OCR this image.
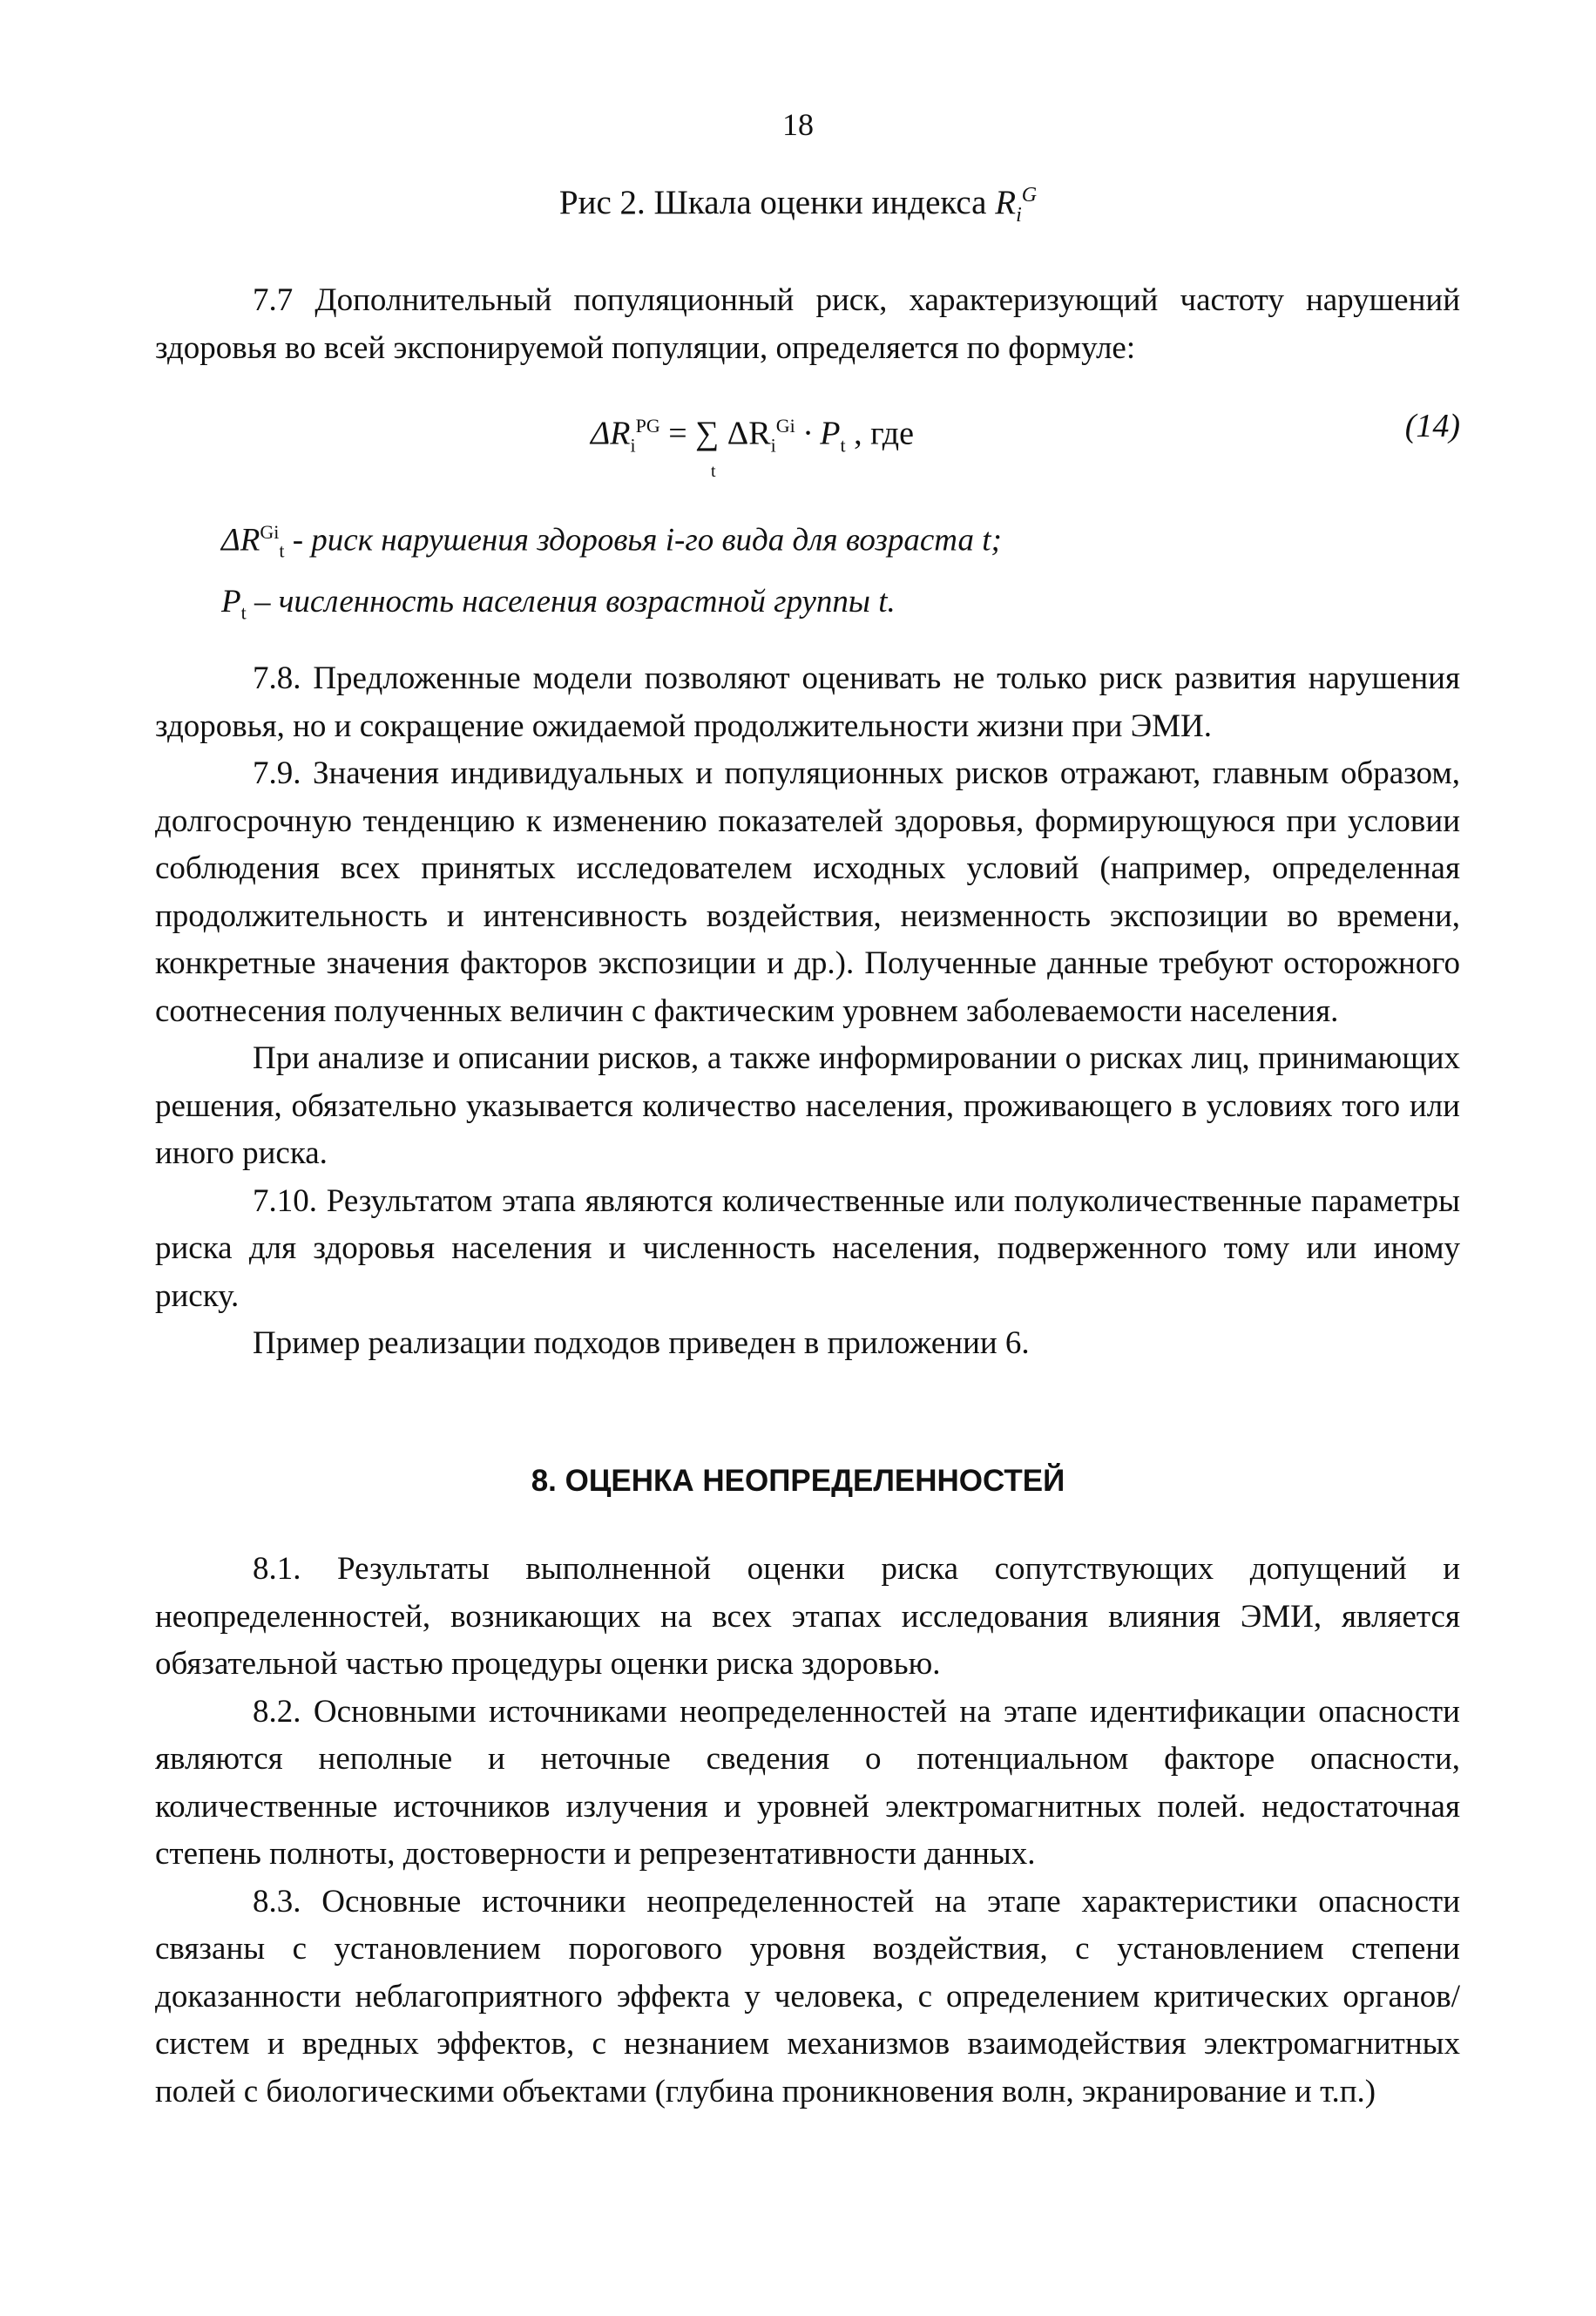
18
Рис 2. Шкала оценки индекса $R_i^G$

7.7 Дополнительный популяционный риск, характеризующий частоту нарушений здоровья во всей экспонируемой популяции, определяется по формуле:

$\Delta R_i^{PG}$ = ∑ $\Delta R_i^{Gi} \cdot P_t$ , где
t
(14)
$\Delta R^{Gi}_t$ - риск нарушения здоровья i-го вида для возраста t;
$P_t$ – численность населения возрастной группы t.

7.8. Предложенные модели позволяют оценивать не только риск развития нарушения здоровья, но и сокращение ожидаемой продолжительности жизни при ЭМИ.

7.9. Значения индивидуальных и популяционных рисков отражают, главным образом, долгосрочную тенденцию к изменению показателей здоровья, формирующуюся при условии соблюдения всех принятых исследователем исходных условий (например, определенная продолжительность и интенсивность воздействия, неизменность экспозиции во времени, конкретные значения факторов экспозиции и др.). Полученные данные требуют осторожного соотнесения полученных величин с фактическим уровнем заболеваемости населения.

При анализе и описании рисков, а также информировании о рисках лиц, принимающих решения, обязательно указывается количество населения, проживающего в условиях того или иного риска.

7.10. Результатом этапа являются количественные или полуколичественные параметры риска для здоровья населения и численность населения, подверженного тому или иному риску.

Пример реализации подходов приведен в приложении 6.

8.1. Результаты выполненной оценки риска сопутствующих допущений и неопределенностей, возникающих на всех этапах исследования влияния ЭМИ, является обязательной частью процедуры оценки риска здоровью.

8.2. Основными источниками неопределенностей на этапе идентификации опасности являются неполные и неточные сведения о потенциальном факторе опасности, количественные источников излучения и уровней электромагнитных полей. недостаточная степень полноты, достоверности и репрезентативности данных.

8.3. Основные источники неопределенностей на этапе характеристики опасности связаны с установлением порогового уровня воздействия, с установлением степени доказанности неблагоприятного эффекта у человека, с определением критических органов/систем и вредных эффектов, с незнанием механизмов взаимодействия электромагнитных полей с биологическими объектами (глубина проникновения волн, экранирование и т.п.)

8. ОЦЕНКА НЕОПРЕДЕЛЕННОСТЕЙ
